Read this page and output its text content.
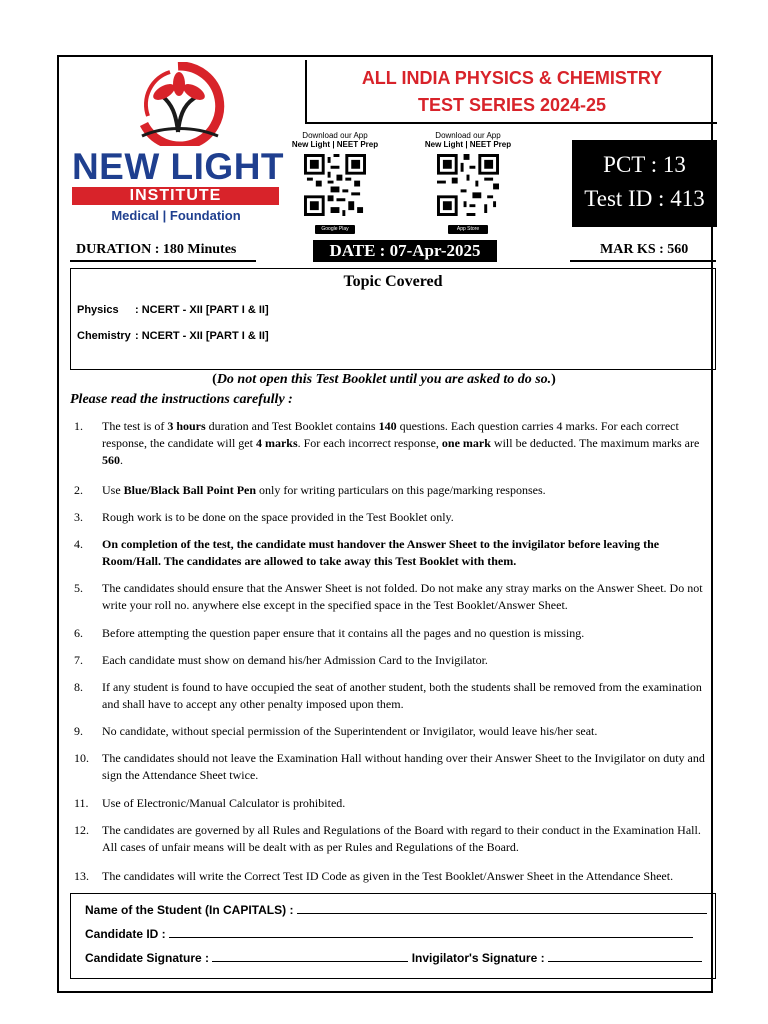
NEW LIGHT
INSTITUTE
Medical | Foundation
ALL INDIA PHYSICS & CHEMISTRY
TEST SERIES 2024-25
Download our App
New Light | NEET Prep
Google Play
Download our App
New Light | NEET Prep
App Store
PCT : 13
Test ID : 413
DURATION : 180 Minutes	DATE : 07-Apr-2025	MAR KS : 560
Topic Covered
Physics : NCERT - XII [PART I & II]
Chemistry : NCERT - XII [PART I & II]
(Do not open this Test Booklet until you are asked to do so.)
Please read the instructions carefully :
1. The test is of 3 hours duration and Test Booklet contains 140 questions. Each question carries 4 marks. For each correct response, the candidate will get 4 marks. For each incorrect response, one mark will be deducted. The maximum marks are 560.
2. Use Blue/Black Ball Point Pen only for writing particulars on this page/marking responses.
3. Rough work is to be done on the space provided in the Test Booklet only.
4. On completion of the test, the candidate must handover the Answer Sheet to the invigilator before leaving the Room/Hall. The candidates are allowed to take away this Test Booklet with them.
5. The candidates should ensure that the Answer Sheet is not folded. Do not make any stray marks on the Answer Sheet. Do not write your roll no. anywhere else except in the specified space in the Test Booklet/Answer Sheet.
6. Before attempting the question paper ensure that it contains all the pages and no question is missing.
7. Each candidate must show on demand his/her Admission Card to the Invigilator.
8. If any student is found to have occupied the seat of another student, both the students shall be removed from the examination and shall have to accept any other penalty imposed upon them.
9. No candidate, without special permission of the Superintendent or Invigilator, would leave his/her seat.
10. The candidates should not leave the Examination Hall without handing over their Answer Sheet to the Invigilator on duty and sign the Attendance Sheet twice.
11. Use of Electronic/Manual Calculator is prohibited.
12. The candidates are governed by all Rules and Regulations of the Board with regard to their conduct in the Examination Hall. All cases of unfair means will be dealt with as per Rules and Regulations of the Board.
13. The candidates will write the Correct Test ID Code as given in the Test Booklet/Answer Sheet in the Attendance Sheet.
Name of the Student (In CAPITALS) :
Candidate ID :
Candidate Signature :	Invigilator's Signature :
